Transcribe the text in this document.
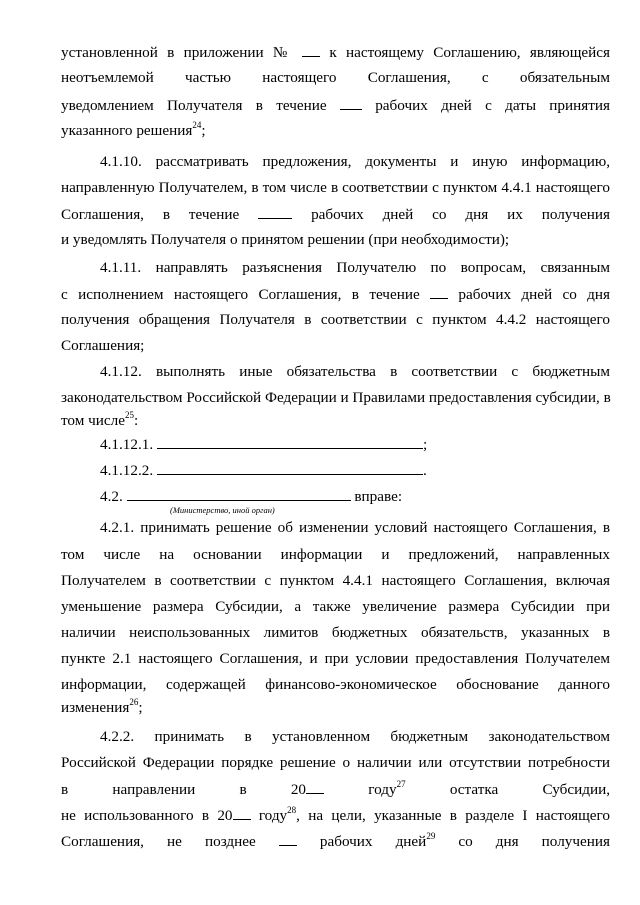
установленной в приложении № к настоящему Соглашению, являющейся
неотъемлемой частью настоящего Соглашения, с обязательным
уведомлением Получателя в течение	рабочих дней с даты принятия
указанного решения$^{24}$;
4.1.10. рассматривать предложения, документы и иную информацию,
направленную Получателем, в том числе в соответствии с пунктом 4.4.1 настоящего
Соглашения, в течение	рабочих дней со дня их получения
и уведомлять Получателя о принятом решении (при необходимости);
4.1.11. направлять разъяснения Получателю по вопросам, связанным
с исполнением настоящего Соглашения, в течение	рабочих дней со дня
получения обращения Получателя в соответствии с пунктом 4.4.2 настоящего
Соглашения;
4.1.12. выполнять иные обязательства в соответствии с бюджетным
законодательством Российской Федерации и Правилами предоставления субсидии, в
том числе$^{25}$:
4.1.12.1.	;
4.1.12.2.	.
4.2.	вправе:
(Министерство, иной орган)
4.2.1. принимать решение об изменении условий настоящего Соглашения, в
том числе на основании информации и предложений, направленных
Получателем в соответствии с пунктом 4.4.1 настоящего Соглашения, включая
уменьшение размера Субсидии, а также увеличение размера Субсидии при
наличии неиспользованных лимитов бюджетных обязательств, указанных в
пункте 2.1 настоящего Соглашения, и при условии предоставления Получателем
информации, содержащей финансово-экономическое обоснование данного
изменения$^{26}$;
4.2.2. принимать в установленном бюджетным законодательством
Российской Федерации порядке решение о наличии или отсутствии потребности
в направлении в 20	году$^{27}$	остатка Субсидии,
не использованного в 20 году$^{28}$, на цели, указанные в разделе I настоящего
Соглашения, не позднее	рабочих дней$^{29}$ со дня получения
